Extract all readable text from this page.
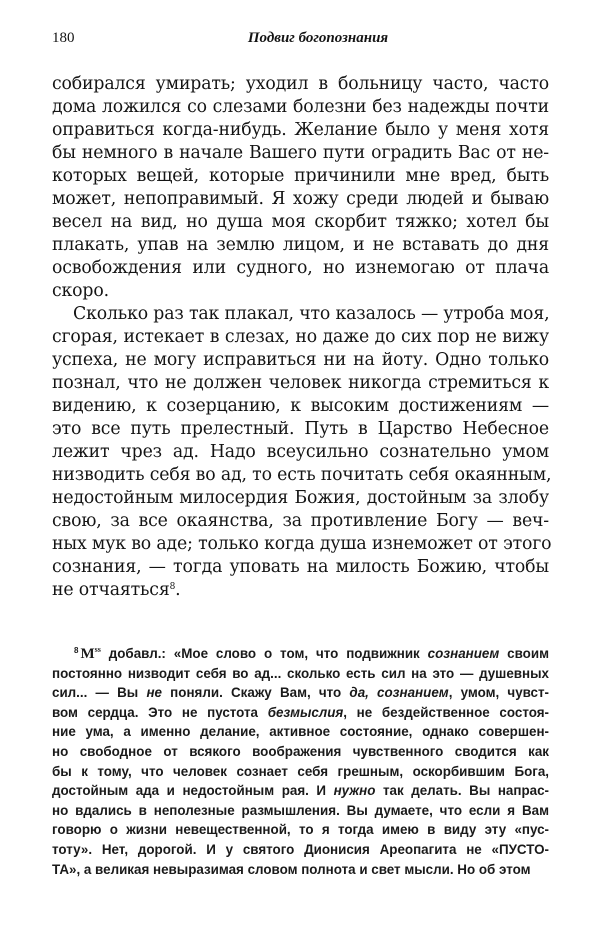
180	Подвиг богопознания
собирался умирать; уходил в больницу часто, часто
дома ложился со слезами болезни без надежды почти
оправиться когда-нибудь. Желание было у меня хотя
бы немного в начале Вашего пути оградить Вас от не-
которых вещей, которые причинили мне вред, быть
может, непоправимый. Я хожу среди людей и бываю
весел на вид, но душа моя скорбит тяжко; хотел бы
плакать, упав на землю лицом, и не вставать до дня
освобождения или судного, но изнемогаю от плача
скоро.
Сколько раз так плакал, что казалось — утроба моя,
сгорая, истекает в слезах, но даже до сих пор не вижу
успеха, не могу исправиться ни на йоту. Одно только
познал, что не должен человек никогда стремиться к
видению, к созерцанию, к высоким достижениям —
это все путь прелестный. Путь в Царство Небесное
лежит чрез ад. Надо всеусильно сознательно умом
низводить себя во ад, то есть почитать себя окаянным,
недостойным милосердия Божия, достойным за злобу
свою, за все окаянства, за противление Богу — веч-
ных мук во аде; только когда душа изнеможет от этого
сознания, — тогда уповать на милость Божию, чтобы
не отчаяться$^8$.
$^8$ $M^{ss}$ добавл.: «Мое слово о том, что подвижник сознанием своим
постоянно низводит себя во ад... сколько есть сил на это — душевных
сил... — Вы не поняли. Скажу Вам, что да, сознанием, умом, чувст-
вом сердца. Это не пустота безмыслия, не бездейственное состоя-
ние ума, а именно делание, активное состояние, однако совершен-
но свободное от всякого воображения чувственного сводится как
бы к тому, что человек сознает себя грешным, оскорбившим Бога,
достойным ада и недостойным рая. И нужно так делать. Вы напрас-
но вдались в неполезные размышления. Вы думаете, что если я Вам
говорю о жизни невещественной, то я тогда имею в виду эту «пус-
тоту». Нет, дорогой. И у святого Дионисия Ареопагита не «ПУСТО-
ТА», а великая невыразимая словом полнота и свет мысли. Но об этом
